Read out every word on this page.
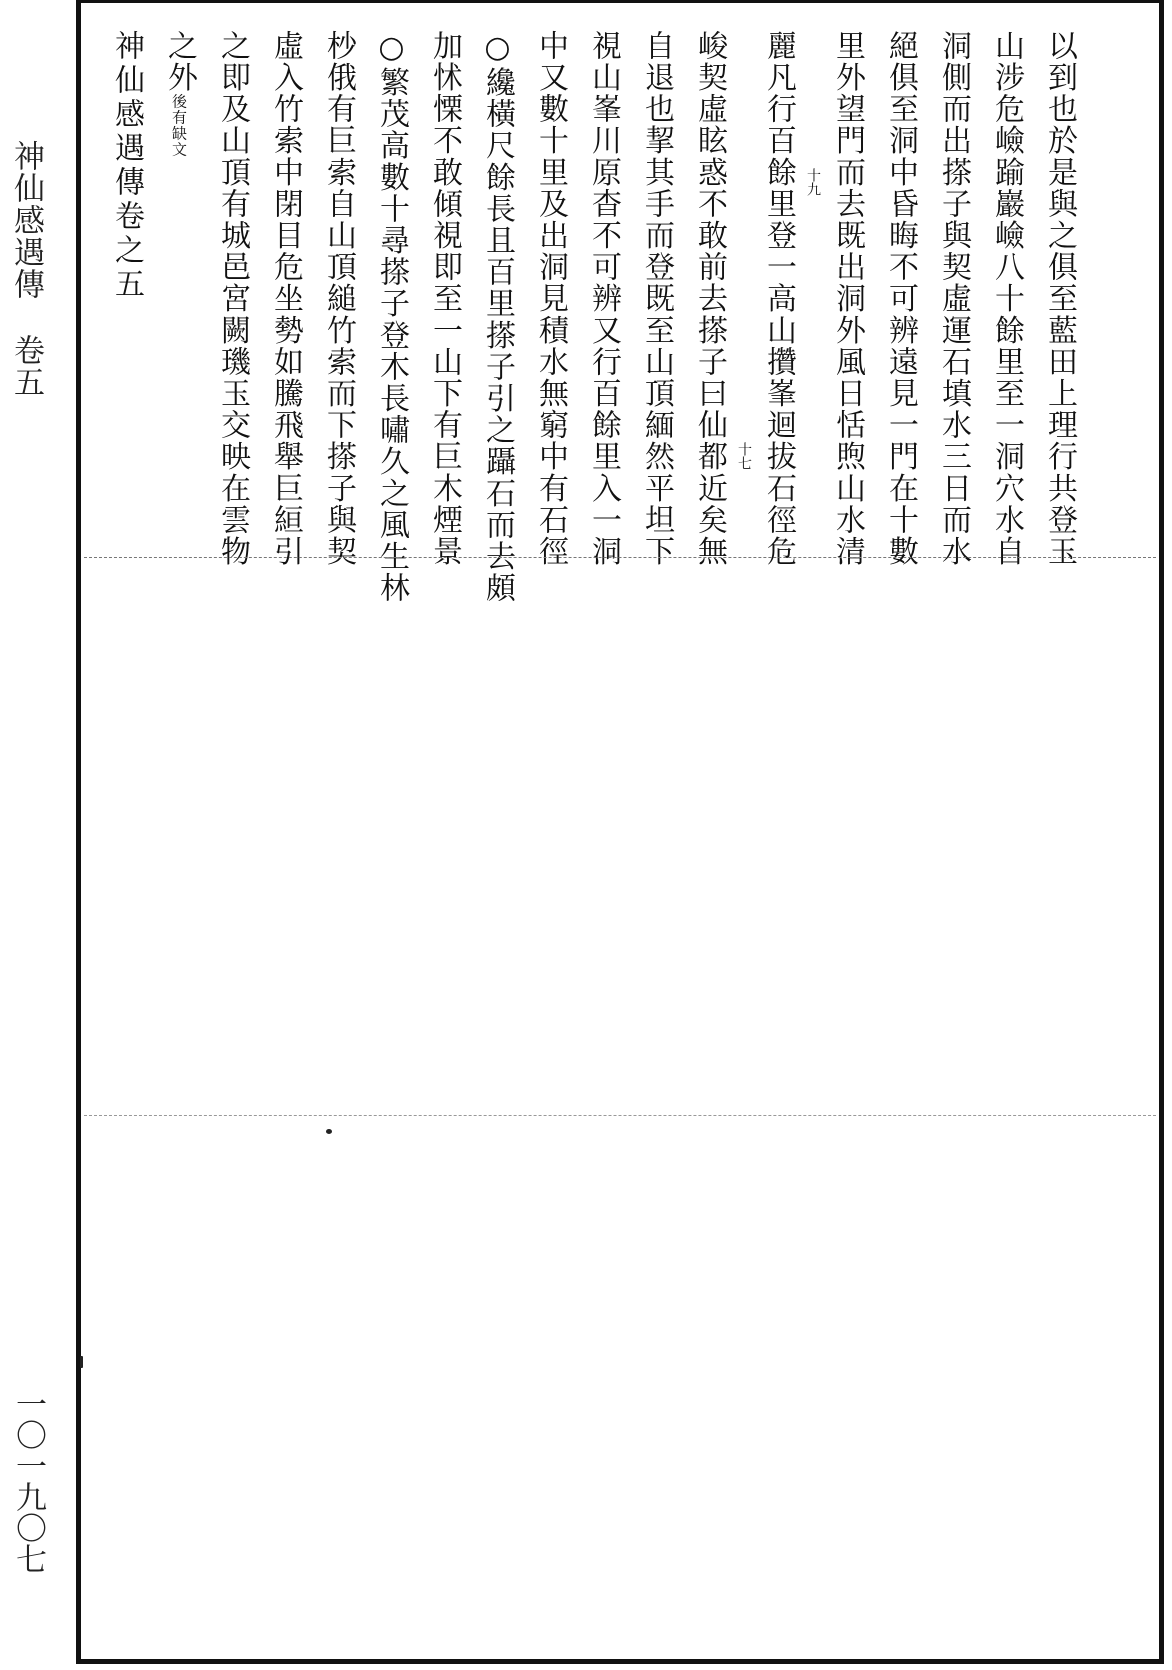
神仙感遇傳卷五
一〇一九〇七
以到也於是與之俱至藍田上理行共登玉
山涉危嶮踰巖嶮八十餘里至一洞穴水自
洞側而出搽子與契虛運石填水三日而水
絕俱至洞中昏晦不可辨遠見一門在十數
里外望門而去既出洞外風日恬煦山水清
十九
麗凡行百餘里登一高山攢峯迴拔石徑危
十七
峻契虛眩惑不敢前去搽子曰仙都近矣無
自退也挈其手而登既至山頂緬然平坦下
視山峯川原杳不可辨又行百餘里入一洞
中又數十里及出洞見積水無窮中有石徑
○纔橫尺餘長且百里搽子引之躡石而去頗
加怵慄不敢傾視即至一山下有巨木煙景
○繁茂高數十尋搽子登木長嘯久之風生林
杪俄有巨索自山頂縋竹索而下搽子與契
虛入竹索中閉目危坐勢如騰飛舉巨絙引
之即及山頂有城邑宮闕璣玉交映在雲物
之外後有缺文
神仙感遇傳卷之五
